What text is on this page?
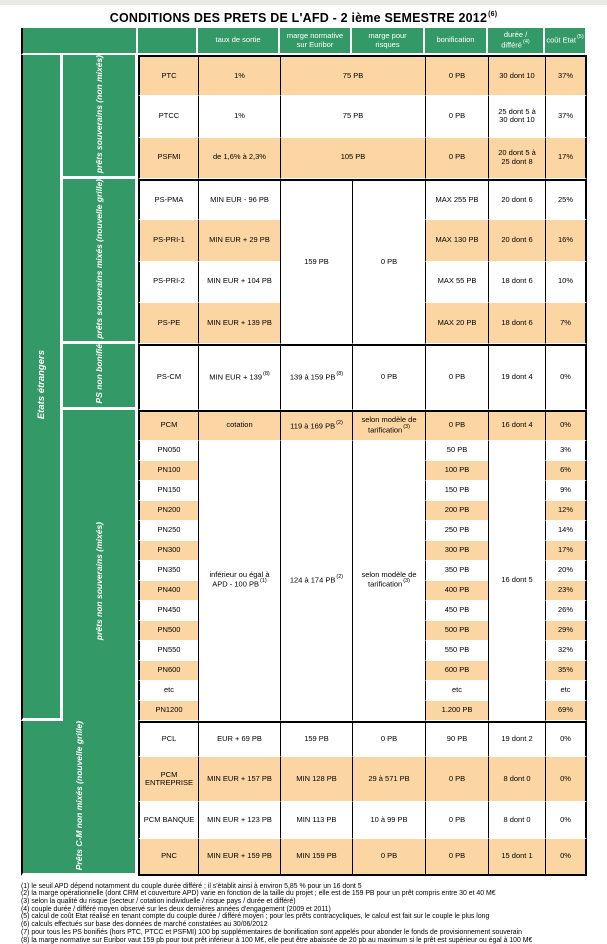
CONDITIONS DES PRETS DE L'AFD - 2 ième SEMESTRE 2012$^{(6)}$
			taux de sortie	marge normative
sur Euribor	marge pour
risques	bonification	durée /
différé$^{(4)}$	coût Etat$^{(5)}$
Etats étrangers	prêts souverains (non mixés)	PTC	1%	75 PB		0 PB	30 dont 10	37%
		PTCC	1%	75 PB		0 PB	25 dont 5 à
30 dont 10	37%
		PSFMI	de 1,6% à 2,3%	105 PB		0 PB	20 dont 5 à
25 dont 8	17%
	prêts souverains mixés (nouvelle grille)	PS-PMA	MIN EUR - 96 PB	159 PB	0 PB	MAX 255 PB	20 dont 6	25%
		PS-PRI-1	MIN EUR + 29 PB			MAX 130 PB	20 dont 6	16%
		PS-PRI-2	MIN EUR + 104 PB			MAX 55 PB	18 dont 6	10%
		PS-PE	MIN EUR + 139 PB			MAX 20 PB	18 dont 6	7%
	PS non bonifié	PS-CM	MIN EUR + $139^{(8)}$	139 à 159 PB$^{(8)}$	0 PB	0 PB	19 dont 4	0%
	prêts non souverains (mixés)	PCM	cotation	119 à 169 PB$^{(2)}$	selon modèle de
tarification$^{(3)}$	0 PB	16 dont 4	0%
		PN050	inférieur ou égal à
APD - 100 PB$^{(1)}$	124 à 174 PB$^{(2)}$	selon modèle de
tarification$^{(3)}$	50 PB	16 dont 5	3%
		PN100				100 PB		6%
		PN150				150 PB		9%
		PN200				200 PB		12%
		PN250				250 PB		14%
		PN300				300 PB		17%
		PN350				350 PB		20%
		PN400				400 PB		23%
		PN450				450 PB		26%
		PN500				500 PB		29%
		PN550				550 PB		32%
		PN600				600 PB		35%
		etc				etc		etc
		PN1200				1.200 PB		69%
Prêts C-M non mixés (nouvelle grille)		PCL	EUR + 69 PB	159 PB	0 PB	90 PB	19 dont 2	0%
		PCM
ENTREPRISE	MIN EUR + 157 PB	MIN 128 PB	29 à 571 PB	0 PB	8 dont 0	0%
		PCM BANQUE	MIN EUR + 123 PB	MIN 113 PB	10 à 99 PB	0 PB	8 dont 0	0%
		PNC	MIN EUR + 159 PB	MIN 159 PB	0 PB	0 PB	15 dont 1	0%
(1) le seuil APD dépend notamment du couple durée différé ; il s'établit ainsi à environ 5,85 % pour un 16 dont 5
(2) la marge opérationnelle (dont CRM et couverture APD) varie en fonction de la taille du projet ; elle est de 159 PB pour un prêt compris entre 30 et 40 M€
(3) selon la qualité du risque (secteur / cotation individuelle / risque pays / durée et différé)
(4) couple durée / différé moyen observé sur les deux dernières années d'engagement (2009 et 2011)
(5) calcul de coût Etat réalisé en tenant compte du couple durée / différé moyen ; pour les prêts contracycliques, le calcul est fait sur le couple le plus long
(6) calculs effectués sur base des données de marché constatées au 30/06/2012
(7) pour tous les PS bonifiés (hors PTC, PTCC et PSFMI) 100 bp supplémentaires de bonification sont appelés pour abonder le fonds de provisionnement souverain
(8) la marge normative sur Euribor vaut 159 pb pour tout prêt inférieur à 100 M€, elle peut être abaissée de 20 pb au maximum si le prêt est supérieur ou égal à 100 M€
